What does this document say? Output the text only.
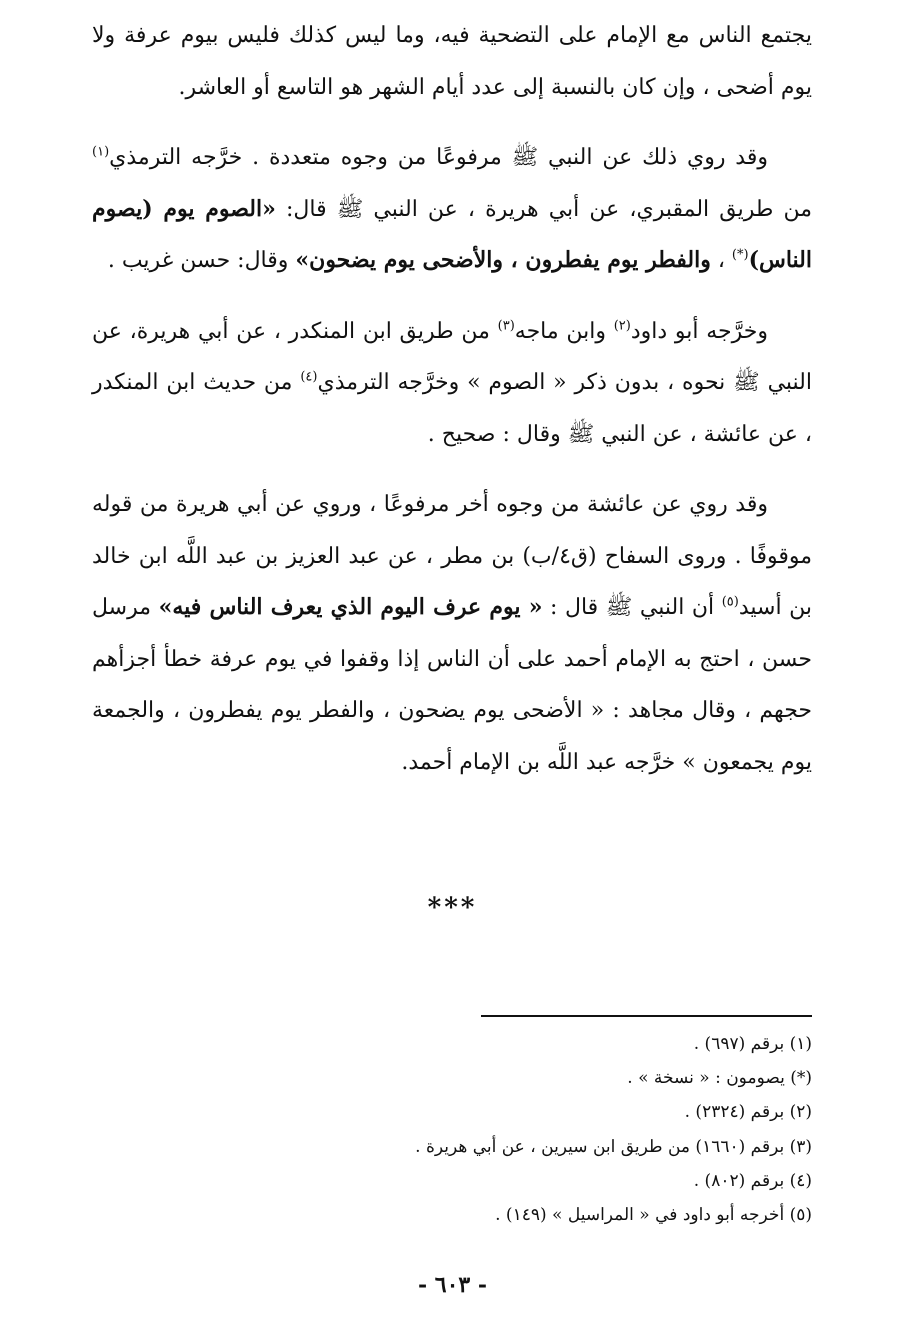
يجتمع الناس مع الإمام على التضحية فيه، وما ليس كذلك فليس بيوم عرفة ولا يوم أضحى ، وإن كان بالنسبة إلى عدد أيام الشهر هو التاسع أو العاشر.

وقد روي ذلك عن النبي ﷺ مرفوعًا من وجوه متعددة . خرَّجه الترمذي$^{(١)}$ من طريق المقبري، عن أبي هريرة ، عن النبي ﷺ قال: «الصوم يوم (يصوم الناس)(*) ، والفطر يوم يفطرون ، والأضحى يوم يضحون» وقال: حسن غريب .

وخرَّجه أبو داود$^{(٢)}$ وابن ماجه$^{(٣)}$ من طريق ابن المنكدر ، عن أبي هريرة، عن النبي ﷺ نحوه ، بدون ذكر « الصوم » وخرَّجه الترمذي$^{(٤)}$ من حديث ابن المنكدر ، عن عائشة ، عن النبي ﷺ وقال : صحيح .

وقد روي عن عائشة من وجوه أخر مرفوعًا ، وروي عن أبي هريرة من قوله موقوفًا . وروى السفاح (ق٤/ب) بن مطر ، عن عبد العزيز بن عبد اللَّه ابن خالد بن أسيد$^{(٥)}$ أن النبي ﷺ قال : « يوم عرف اليوم الذي يعرف الناس فيه» مرسل حسن ، احتج به الإمام أحمد على أن الناس إذا وقفوا في يوم عرفة خطأ أجزأهم حجهم ، وقال مجاهد : « الأضحى يوم يضحون ، والفطر يوم يفطرون ، والجمعة يوم يجمعون » خرَّجه عبد اللَّه بن الإمام أحمد.

***
(١) برقم (٦٩٧) .
(*) يصومون : « نسخة » .
(٢) برقم (٢٣٢٤) .
(٣) برقم (١٦٦٠) من طريق ابن سيرين ، عن أبي هريرة .
(٤) برقم (٨٠٢) .
(٥) أخرجه أبو داود في « المراسيل » (١٤٩) .
- ٦٠٣ -
